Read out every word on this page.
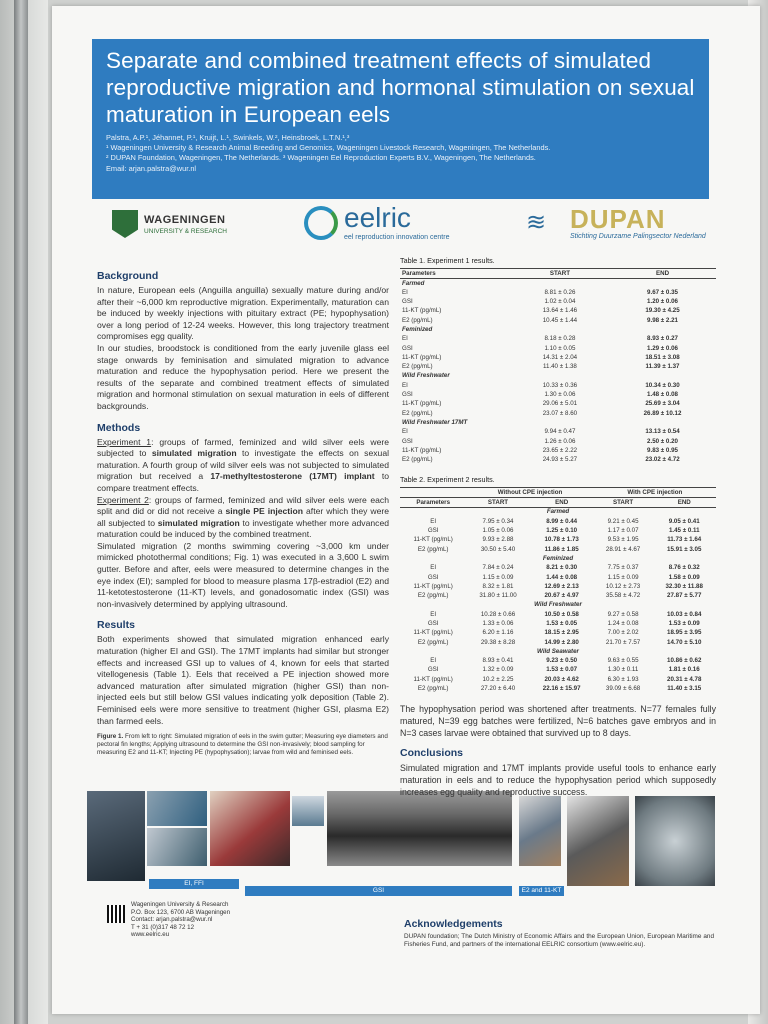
Separate and combined treatment effects of simulated reproductive migration and hormonal stimulation on sexual maturation in European eels
Palstra, A.P.¹, Jéhannet, P.¹, Kruijt, L.¹, Swinkels, W.², Heinsbroek, L.T.N.¹,³
¹ Wageningen University & Research Animal Breeding and Genomics, Wageningen Livestock Research, Wageningen, The Netherlands.
² DUPAN Foundation, Wageningen, The Netherlands. ³ Wageningen Eel Reproduction Experts B.V., Wageningen, The Netherlands.
Email: arjan.palstra@wur.nl
WAGENINGEN
UNIVERSITY & RESEARCH	eelric
eel reproduction innovation centre
≋ DUPAN
Stichting Duurzame Palingsector Nederland
Background

In nature, European eels (Anguilla anguilla) sexually mature during and/or after their ~6,000 km reproductive migration. Experimentally, maturation can be induced by weekly injections with pituitary extract (PE; hypophysation) over a long period of 12-24 weeks. However, this long trajectory treatment compromises egg quality.

In our studies, broodstock is conditioned from the early juvenile glass eel stage onwards by feminisation and simulated migration to advance maturation and reduce the hypophysation period. Here we present the results of the separate and combined treatment effects of simulated migration and hormonal stimulation on sexual maturation in eels of different backgrounds.

Methods

Experiment 1: groups of farmed, feminized and wild silver eels were subjected to simulated migration to investigate the effects on sexual maturation. A fourth group of wild silver eels was not subjected to simulated migration but received a 17-methyltestosterone (17MT) implant to compare treatment effects.

Experiment 2: groups of farmed, feminized and wild silver eels were each split and did or did not receive a single PE injection after which they were all subjected to simulated migration to investigate whether more advanced maturation could be induced by the combined treatment.

Simulated migration (2 months swimming covering ~3,000 km under mimicked photothermal conditions; Fig. 1) was executed in a 3,600 L swim gutter. Before and after, eels were measured to determine changes in the eye index (EI); sampled for blood to measure plasma 17β-estradiol (E2) and 11-ketotestosterone (11-KT) levels, and gonadosomatic index (GSI) was non-invasively determined by applying ultrasound.

Results

Both experiments showed that simulated migration enhanced early maturation (higher EI and GSI). The 17MT implants had similar but stronger effects and increased GSI up to values of 4, known for eels that started vitellogenesis (Table 1). Eels that received a PE injection showed more advanced maturation after simulated migration (higher GSI) than non-injected eels but still below GSI values indicating yolk deposition (Table 2). Feminised eels were more sensitive to treatment (higher GSI, plasma E2) than farmed eels.

Figure 1. From left to right: Simulated migration of eels in the swim gutter; Measuring eye diameters and pectoral fin lengths; Applying ultrasound to determine the GSI non-invasively; blood sampling for measuring E2 and 11-KT; Injecting PE (hypophysation); larvae from wild and feminised eels.

EI, FFI
GSI	E2 and 11-KT
Wageningen University & Research
P.O. Box 123, 6700 AB Wageningen
Contact: arjan.palstra@wur.nl
T + 31 (0)317 48 72 12
www.eelric.eu
Table 1. Experiment 1 results.
Parameters	START	END
Farmed		
EI	8.81 ± 0.26	9.67 ± 0.35
GSI	1.02 ± 0.04	1.20 ± 0.06
11-KT (pg/mL)	13.64 ± 1.46	19.30 ± 4.25
E2 (pg/mL)	10.45 ± 1.44	9.98 ± 2.21
Feminized		
EI	8.18 ± 0.28	8.93 ± 0.27
GSI	1.10 ± 0.05	1.29 ± 0.06
11-KT (pg/mL)	14.31 ± 2.04	18.51 ± 3.08
E2 (pg/mL)	11.40 ± 1.38	11.39 ± 1.37
Wild Freshwater		
EI	10.33 ± 0.36	10.34 ± 0.30
GSI	1.30 ± 0.06	1.48 ± 0.08
11-KT (pg/mL)	29.06 ± 5.01	25.69 ± 3.04
E2 (pg/mL)	23.07 ± 8.60	26.89 ± 10.12
Wild Freshwater 17MT		
EI	9.94 ± 0.47	13.13 ± 0.54
GSI	1.26 ± 0.06	2.50 ± 0.20
11-KT (pg/mL)	23.65 ± 2.22	9.83 ± 0.95
E2 (pg/mL)	24.93 ± 5.27	23.02 ± 4.72
Table 2. Experiment 2 results.
	Without CPE injection		With CPE injection	
Parameters	START	END	START	END
Farmed				
EI	7.95 ± 0.34	8.99 ± 0.44	9.21 ± 0.45	9.05 ± 0.41
GSI	1.05 ± 0.06	1.25 ± 0.10	1.17 ± 0.07	1.45 ± 0.11
11-KT (pg/mL)	9.93 ± 2.88	10.78 ± 1.73	9.53 ± 1.95	11.73 ± 1.64
E2 (pg/mL)	30.50 ± 5.40	11.86 ± 1.85	28.91 ± 4.67	15.91 ± 3.05
Feminized				
EI	7.84 ± 0.24	8.21 ± 0.30	7.75 ± 0.37	8.76 ± 0.32
GSI	1.15 ± 0.09	1.44 ± 0.08	1.15 ± 0.09	1.58 ± 0.09
11-KT (pg/mL)	8.32 ± 1.81	12.69 ± 2.13	10.12 ± 2.73	32.30 ± 11.88
E2 (pg/mL)	31.80 ± 11.00	20.67 ± 4.97	35.58 ± 4.72	27.87 ± 5.77
Wild Freshwater				
EI	10.28 ± 0.66	10.50 ± 0.58	9.27 ± 0.58	10.03 ± 0.84
GSI	1.33 ± 0.06	1.53 ± 0.05	1.24 ± 0.08	1.53 ± 0.09
11-KT (pg/mL)	6.20 ± 1.16	18.15 ± 2.95	7.00 ± 2.02	18.95 ± 3.95
E2 (pg/mL)	29.38 ± 8.28	14.99 ± 2.80	21.70 ± 7.57	14.70 ± 5.10
Wild Seawater				
EI	8.93 ± 0.41	9.23 ± 0.50	9.63 ± 0.55	10.86 ± 0.62
GSI	1.32 ± 0.09	1.53 ± 0.07	1.30 ± 0.11	1.81 ± 0.16
11-KT (pg/mL)	10.2 ± 2.25	20.03 ± 4.62	6.30 ± 1.93	20.31 ± 4.78
E2 (pg/mL)	27.20 ± 6.40	22.16 ± 15.97	39.09 ± 6.68	11.40 ± 3.15

The hypophysation period was shortened after treatments. N=77 females fully matured, N=39 egg batches were fertilized, N=6 batches gave embryos and in N=3 cases larvae were obtained that survived up to 8 days.

Conclusions

Simulated migration and 17MT implants provide useful tools to enhance early maturation in eels and to reduce the hypophysation period which supposedly increases egg quality and reproductive success.

Acknowledgements

DUPAN foundation; The Dutch Ministry of Economic Affairs and the European Union, European Maritime and Fisheries Fund, and partners of the international EELRIC consortium (www.eelric.eu).
